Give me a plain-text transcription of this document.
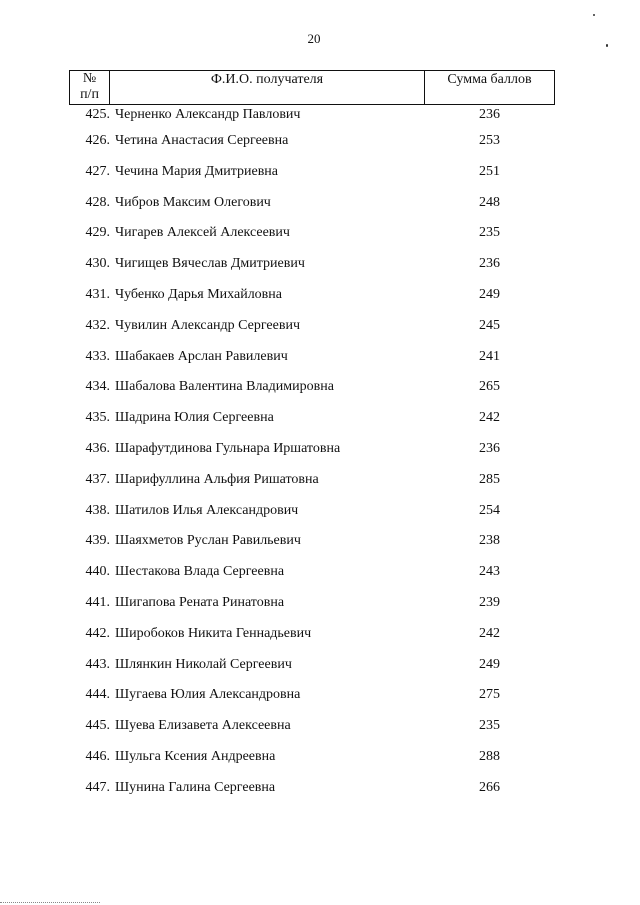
20
№
п/п
Ф.И.О. получателя	Сумма баллов
425. Черненко Александр Павлович	236
426. Четина Анастасия Сергеевна	253
427. Чечина Мария Дмитриевна	251
428. Чибров Максим Олегович	248
429. Чигарев Алексей Алексеевич	235
430. Чигищев Вячеслав Дмитриевич	236
431. Чубенко Дарья Михайловна	249
432. Чувилин Александр Сергеевич	245
433. Шабакаев Арслан Равилевич	241
434. Шабалова Валентина Владимировна	265
435. Шадрина Юлия Сергеевна	242
436. Шарафутдинова Гульнара Иршатовна	236
437. Шарифуллина Альфия Ришатовна	285
438. Шатилов Илья Александрович	254
439. Шаяхметов Руслан Равильевич	238
440. Шестакова Влада Сергеевна	243
441. Шигапова Рената Ринатовна	239
442. Широбоков Никита Геннадьевич	242
443. Шлянкин Николай Сергеевич	249
444. Шугаева Юлия Александровна	275
445. Шуева Елизавета Алексеевна	235
446. Шульга Ксения Андреевна	288
447. Шунина Галина Сергеевна	266
